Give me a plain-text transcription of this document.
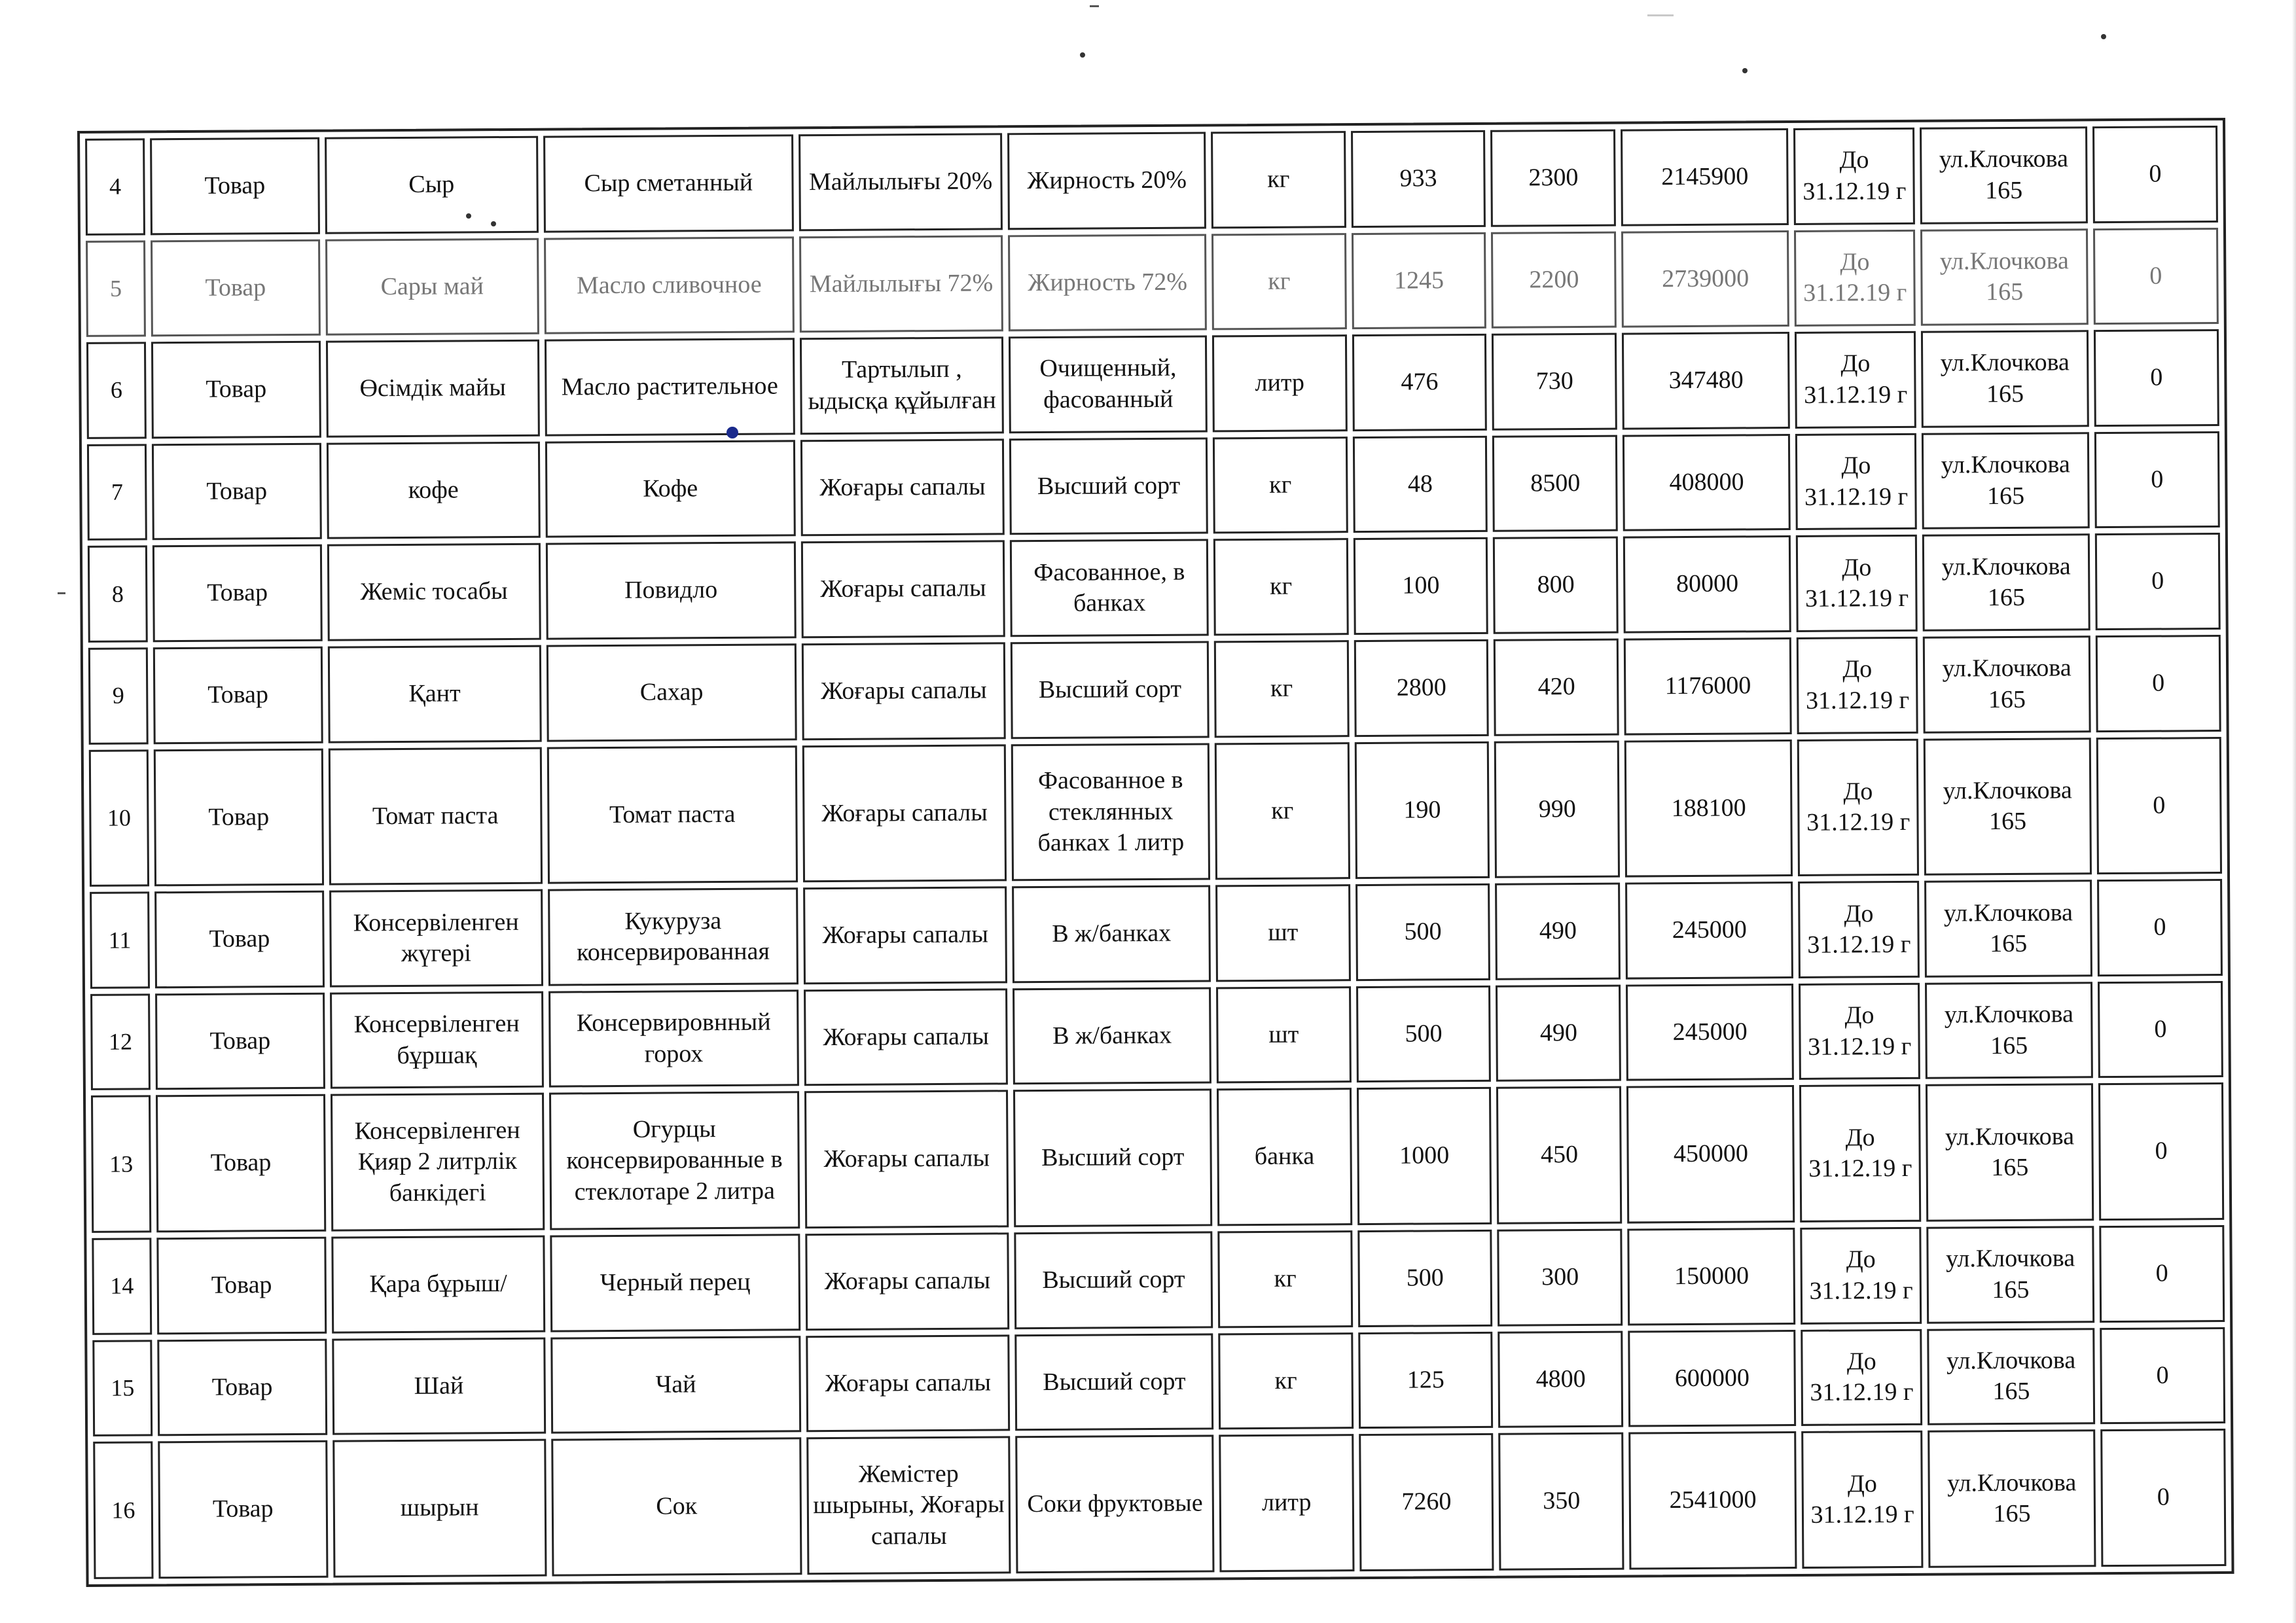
4	Товар	Сыр	Сыр сметанный	Майлылығы 20%	Жирность 20%	кг	933	2300	2145900	До 31.12.19 г	ул.Клочкова 165	0
5	Товар	Сары май	Масло сливочное	Майлылығы 72%	Жирность 72%	кг	1245	2200	2739000	До 31.12.19 г	ул.Клочкова 165	0
6	Товар	Өсімдік майы	Масло растительное	Тартылып , ыдысқа құйылған	Очищенный, фасованный	литр	476	730	347480	До 31.12.19 г	ул.Клочкова 165	0
7	Товар	кофе	Кофе	Жоғары сапалы	Высший сорт	кг	48	8500	408000	До 31.12.19 г	ул.Клочкова 165	0
8	Товар	Жеміс тосабы	Повидло	Жоғары сапалы	Фасованное, в банках	кг	100	800	80000	До 31.12.19 г	ул.Клочкова 165	0
9	Товар	Қант	Сахар	Жоғары сапалы	Высший сорт	кг	2800	420	1176000	До 31.12.19 г	ул.Клочкова 165	0
10	Товар	Томат паста	Томат паста	Жоғары сапалы	Фасованное в стеклянных банках 1 литр	кг	190	990	188100	До 31.12.19 г	ул.Клочкова 165	0
11	Товар	Консервіленген жүгері	Кукуруза консервированная	Жоғары сапалы	В ж/банках	шт	500	490	245000	До 31.12.19 г	ул.Клочкова 165	0
12	Товар	Консервіленген бұршақ	Консервировнный горох	Жоғары сапалы	В ж/банках	шт	500	490	245000	До 31.12.19 г	ул.Клочкова 165	0
13	Товар	Консервіленген Қияр 2 литрлік банкідегі	Огурцы консервированные в стеклотаре 2 литра	Жоғары сапалы	Высший сорт	банка	1000	450	450000	До 31.12.19 г	ул.Клочкова 165	0
14	Товар	Қара бұрыш/	Черный перец	Жоғары сапалы	Высший сорт	кг	500	300	150000	До 31.12.19 г	ул.Клочкова 165	0
15	Товар	Шай	Чай	Жоғары сапалы	Высший сорт	кг	125	4800	600000	До 31.12.19 г	ул.Клочкова 165	0
16	Товар	шырын	Сок	Жемістер шырыны, Жоғары сапалы	Соки фруктовые	литр	7260	350	2541000	До 31.12.19 г	ул.Клочкова 165	0
